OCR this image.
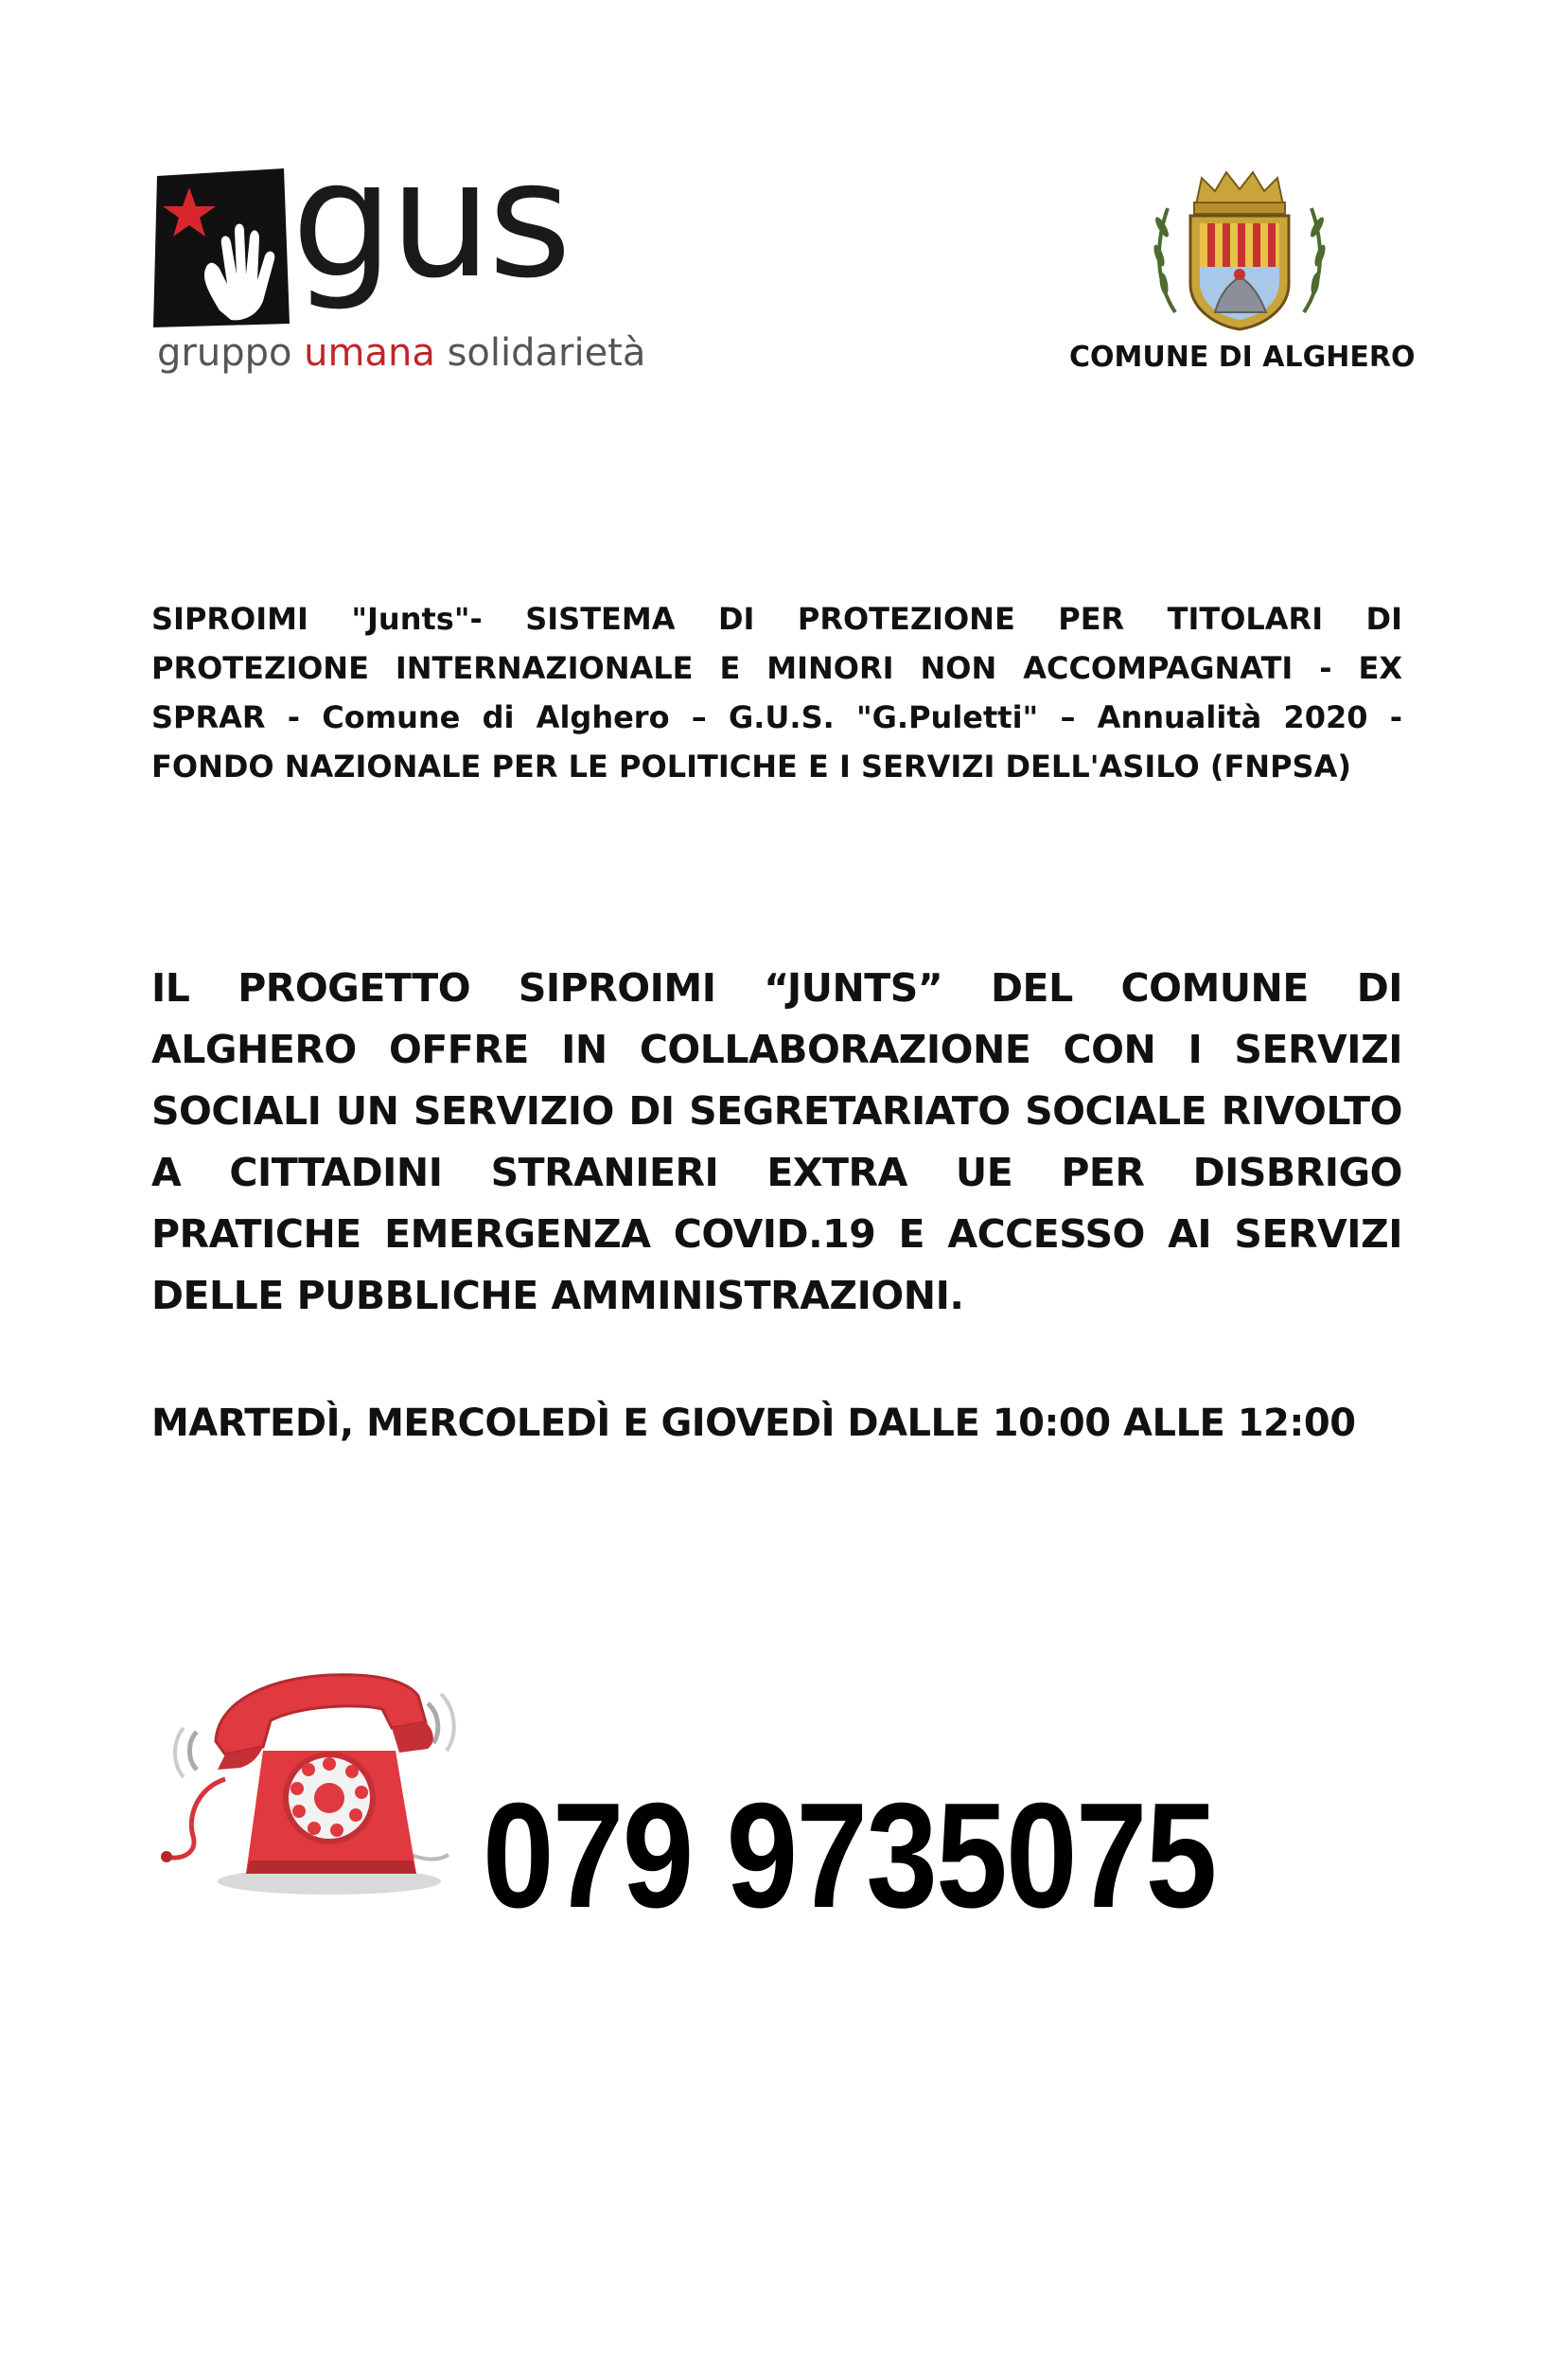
gus
gruppo umana solidarietà	COMUNE DI ALGHERO
SIPROIMI "Junts"- SISTEMA DI PROTEZIONE PER TITOLARI DI PROTEZIONE INTERNAZIONALE E MINORI NON ACCOMPAGNATI - EX SPRAR - Comune di Alghero – G.U.S. "G.Puletti" – Annualità 2020 - FONDO NAZIONALE PER LE POLITICHE E I SERVIZI DELL'ASILO (FNPSA)
IL PROGETTO SIPROIMI “JUNTS” DEL COMUNE DI ALGHERO OFFRE IN COLLABORAZIONE CON I SERVIZI SOCIALI UN SERVIZIO DI SEGRETARIATO SOCIALE RIVOLTO A CITTADINI STRANIERI EXTRA UE PER DISBRIGO PRATICHE EMERGENZA COVID.19 E ACCESSO AI SERVIZI DELLE PUBBLICHE AMMINISTRAZIONI.
MARTEDÌ, MERCOLEDÌ E GIOVEDÌ DALLE 10:00 ALLE 12:00
079 9735075
